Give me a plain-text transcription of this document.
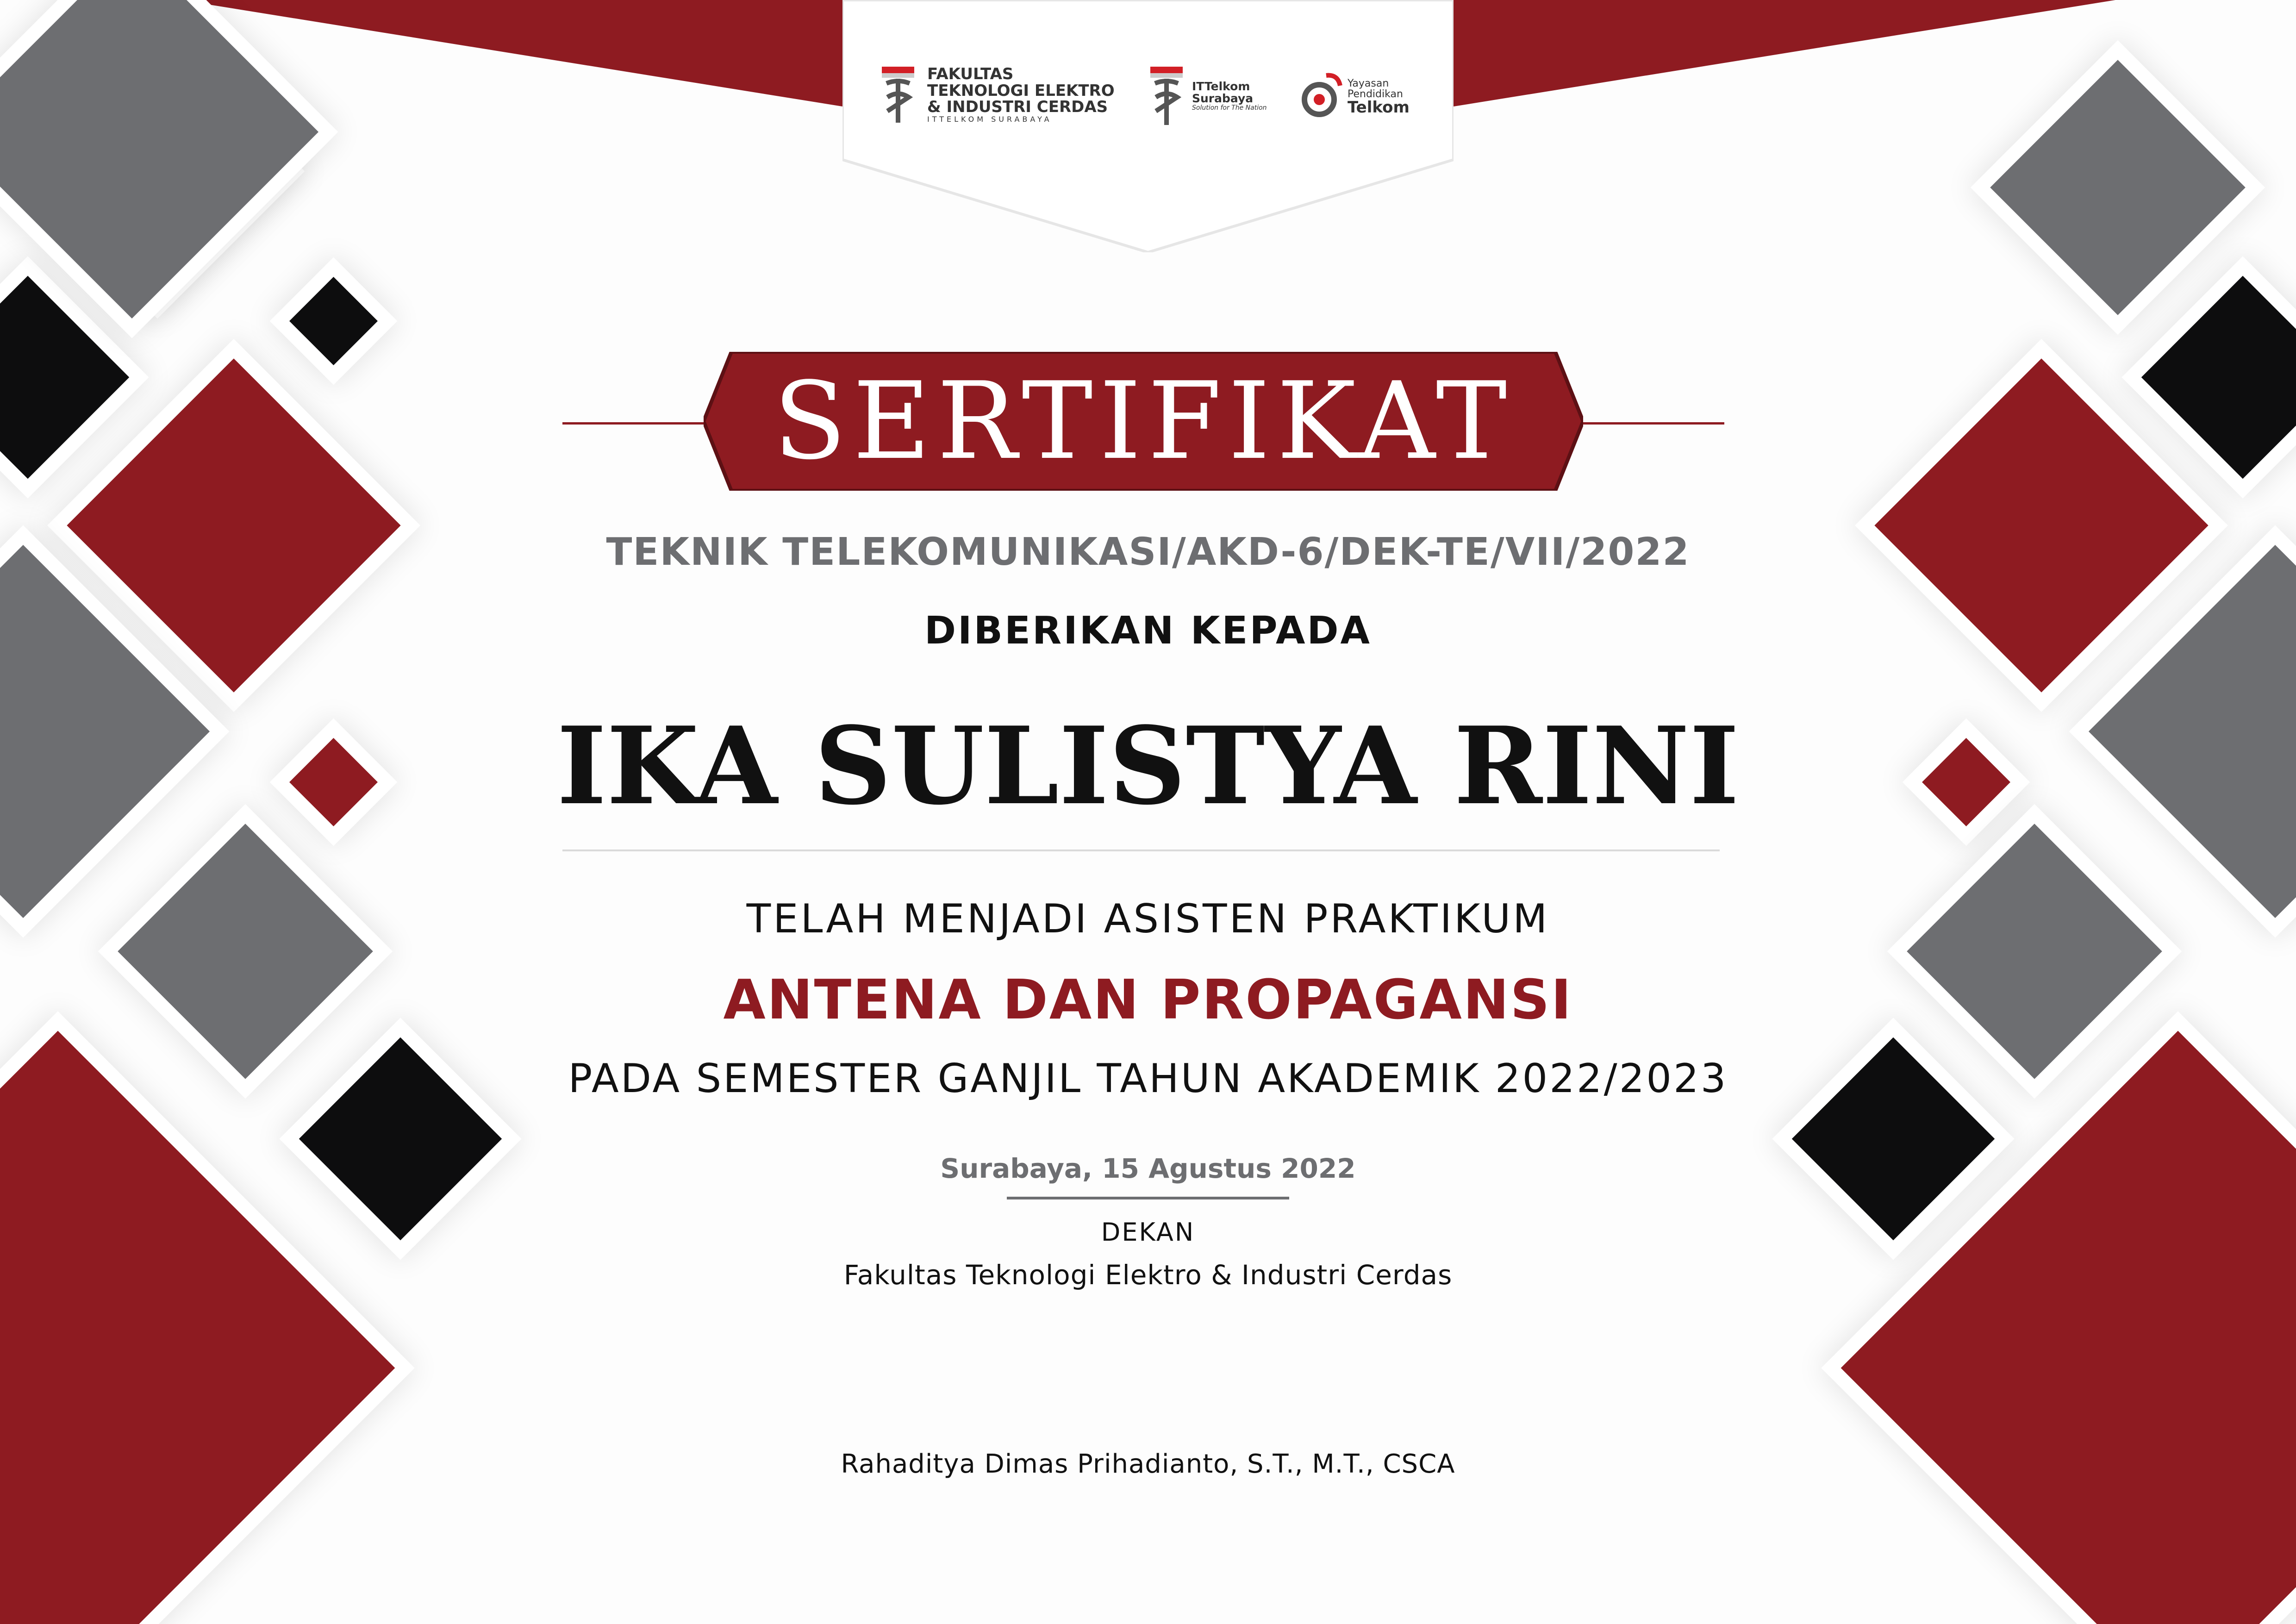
FAKULTAS
TEKNOLOGI ELEKTRO
& INDUSTRI CERDAS
ITTELKOM SURABAYA
ITTelkom
Surabaya
Solution for The Nation
Yayasan
Pendidikan
Telkom
SERTIFIKAT
TEKNIK TELEKOMUNIKASI/AKD-6/DEK-TE/VII/2022
DIBERIKAN KEPADA
IKA SULISTYA RINI
TELAH MENJADI ASISTEN PRAKTIKUM
ANTENA DAN PROPAGANSI
PADA SEMESTER GANJIL TAHUN AKADEMIK 2022/2023
Surabaya, 15 Agustus 2022
DEKAN
Fakultas Teknologi Elektro & Industri Cerdas
Rahaditya Dimas Prihadianto, S.T., M.T., CSCA
